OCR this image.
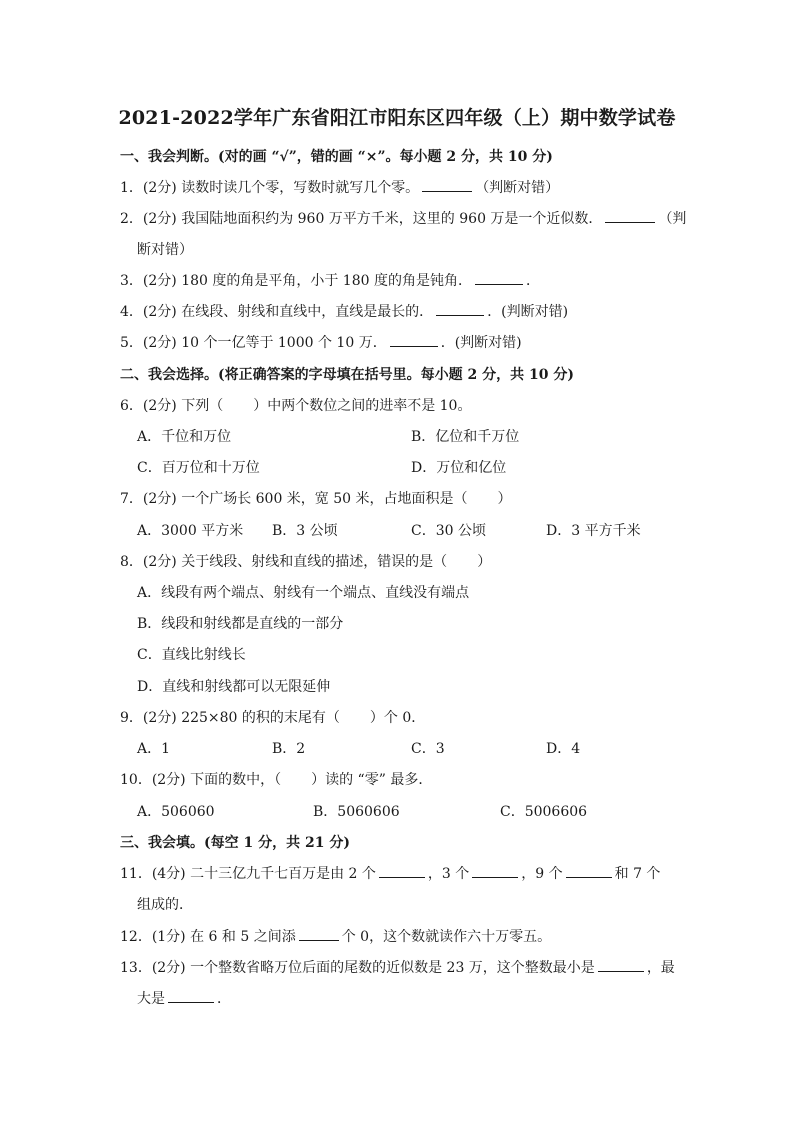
2021-2022学年广东省阳江市阳东区四年级（上）期中数学试卷
一、我会判断。(对的画 “√”，错的画 “×”。每小题 2 分，共 10 分)
1．(2分) 读数时读几个零，写数时就写几个零。	（判断对错）
2．(2分) 我国陆地面积约为 960 万平方千米，这里的 960 万是一个近似数．	（判
断对错）
3．(2分) 180 度的角是平角，小于 180 度的角是钝角．	．
4．(2分) 在线段、射线和直线中，直线是最长的．	．(判断对错)
5．(2分) 10 个一亿等于 1000 个 10 万．	．(判断对错)
二、我会选择。(将正确答案的字母填在括号里。每小题 2 分，共 10 分)
6．(2分) 下列（ ）中两个数位之间的进率不是 10。
A．千位和万位	B．亿位和千万位
C．百万位和十万位	D．万位和亿位
7．(2分) 一个广场长 600 米，宽 50 米，占地面积是（ ）
A．3000 平方米 B．3 公顷	C．30 公顷	D．3 平方千米
8．(2分) 关于线段、射线和直线的描述，错误的是（ ）
A．线段有两个端点、射线有一个端点、直线没有端点
B．线段和射线都是直线的一部分
C．直线比射线长
D．直线和射线都可以无限延伸
9．(2分) 225×80 的积的末尾有（ ）个 0．
A．1	B．2	C．3	D．4
10．(2分) 下面的数中，（ ）读的 “零” 最多．
A．506060	B．5060606	C．5006606
三、我会填。(每空 1 分，共 21 分)
11．(4分) 二十三亿九千七百万是由 2 个	，3 个	，9 个	和 7 个
组成的．
12．(1分) 在 6 和 5 之间添	个 0，这个数就读作六十万零五。
13．(2分) 一个整数省略万位后面的尾数的近似数是 23 万，这个整数最小是	，最
大是	．
